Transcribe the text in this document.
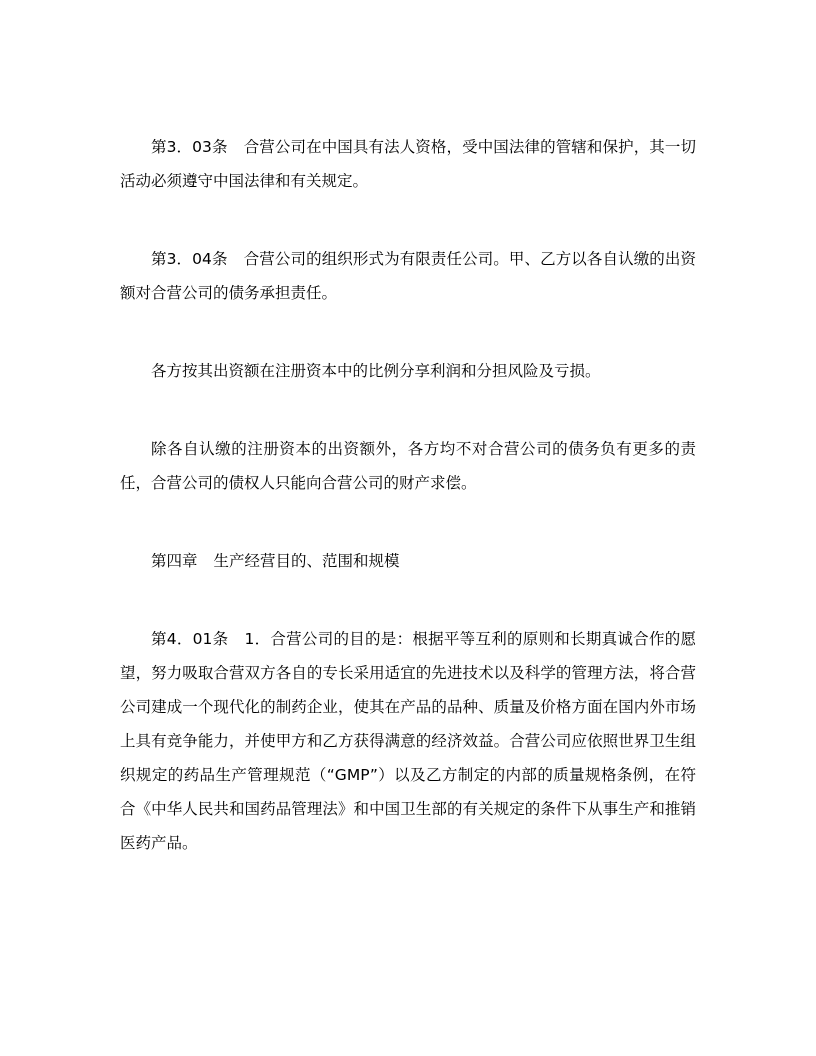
第3．03条 合营公司在中国具有法人资格，受中国法律的管辖和保护，其一切活动必须遵守中国法律和有关规定。

第3．04条 合营公司的组织形式为有限责任公司。甲、乙方以各自认缴的出资额对合营公司的债务承担责任。

各方按其出资额在注册资本中的比例分享利润和分担风险及亏损。

除各自认缴的注册资本的出资额外，各方均不对合营公司的债务负有更多的责任，合营公司的债权人只能向合营公司的财产求偿。

第四章 生产经营目的、范围和规模

第4．01条 1．合营公司的目的是：根据平等互利的原则和长期真诚合作的愿望，努力吸取合营双方各自的专长采用适宜的先进技术以及科学的管理方法，将合营公司建成一个现代化的制药企业，使其在产品的品种、质量及价格方面在国内外市场上具有竞争能力，并使甲方和乙方获得满意的经济效益。合营公司应依照世界卫生组织规定的药品生产管理规范（“GMP”）以及乙方制定的内部的质量规格条例，在符合《中华人民共和国药品管理法》和中国卫生部的有关规定的条件下从事生产和推销医药产品。
